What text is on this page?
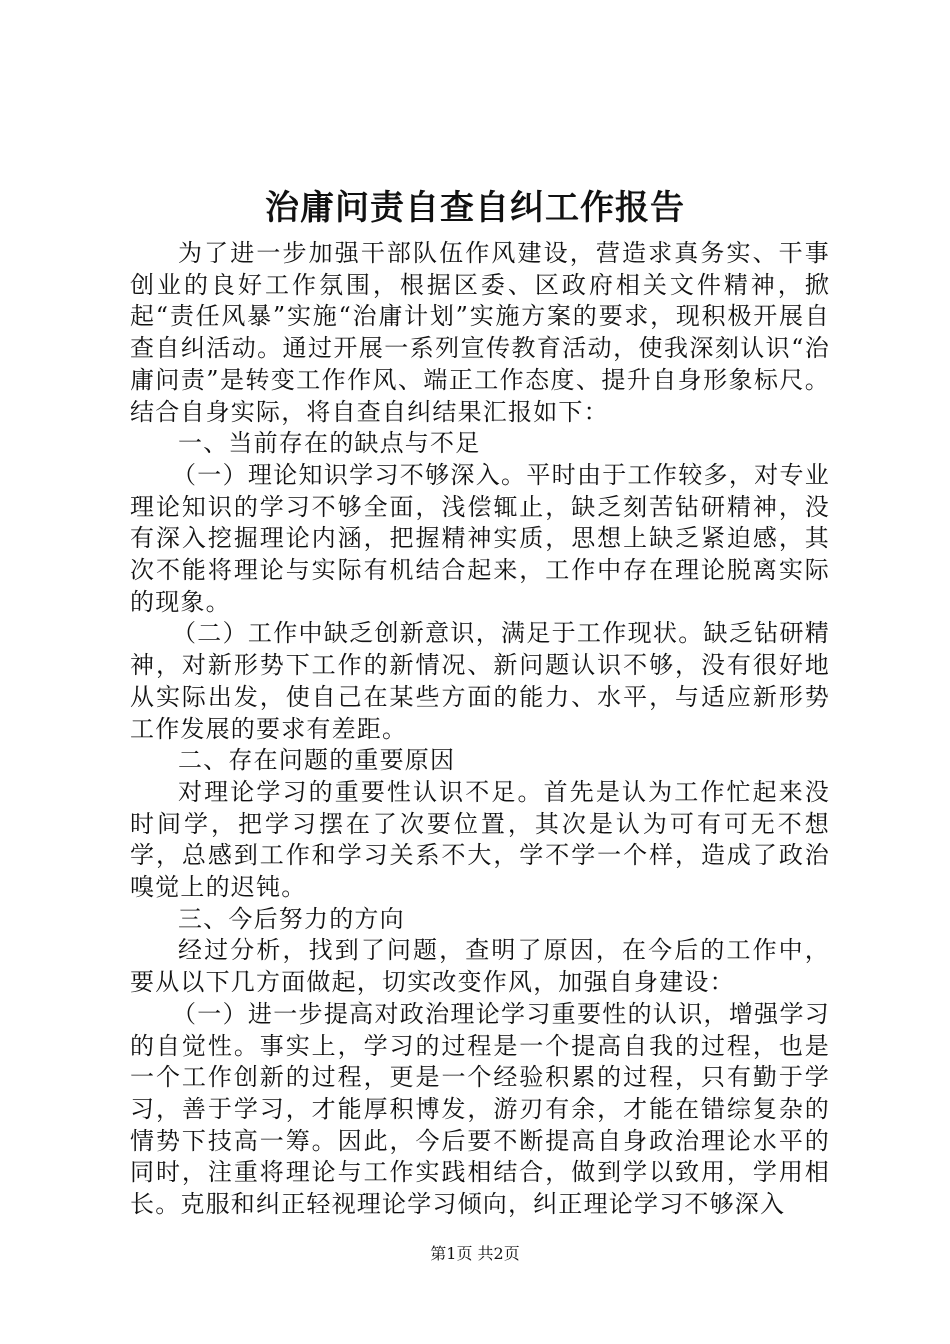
治庸问责自查自纠工作报告

为了进一步加强干部队伍作风建设，营造求真务实、干事创业的良好工作氛围，根据区委、区政府相关文件精神，掀起“责任风暴”实施“治庸计划”实施方案的要求，现积极开展自查自纠活动。通过开展一系列宣传教育活动，使我深刻认识“治庸问责”是转变工作作风、端正工作态度、提升自身形象标尺。结合自身实际，将自查自纠结果汇报如下：

一、当前存在的缺点与不足

（一）理论知识学习不够深入。平时由于工作较多，对专业理论知识的学习不够全面，浅偿辄止，缺乏刻苦钻研精神，没有深入挖掘理论内涵，把握精神实质，思想上缺乏紧迫感，其次不能将理论与实际有机结合起来，工作中存在理论脱离实际的现象。

（二）工作中缺乏创新意识，满足于工作现状。缺乏钻研精神，对新形势下工作的新情况、新问题认识不够，没有很好地从实际出发，使自己在某些方面的能力、水平，与适应新形势工作发展的要求有差距。

二、存在问题的重要原因

对理论学习的重要性认识不足。首先是认为工作忙起来没时间学，把学习摆在了次要位置，其次是认为可有可无不想学，总感到工作和学习关系不大，学不学一个样，造成了政治嗅觉上的迟钝。

三、今后努力的方向

经过分析，找到了问题，查明了原因，在今后的工作中，要从以下几方面做起，切实改变作风，加强自身建设：

（一）进一步提高对政治理论学习重要性的认识，增强学习的自觉性。事实上，学习的过程是一个提高自我的过程，也是一个工作创新的过程，更是一个经验积累的过程，只有勤于学习，善于学习，才能厚积博发，游刃有余，才能在错综复杂的情势下技高一筹。因此，今后要不断提高自身政治理论水平的同时，注重将理论与工作实践相结合，做到学以致用，学用相长。克服和纠正轻视理论学习倾向，纠正理论学习不够深入

第1页 共2页
